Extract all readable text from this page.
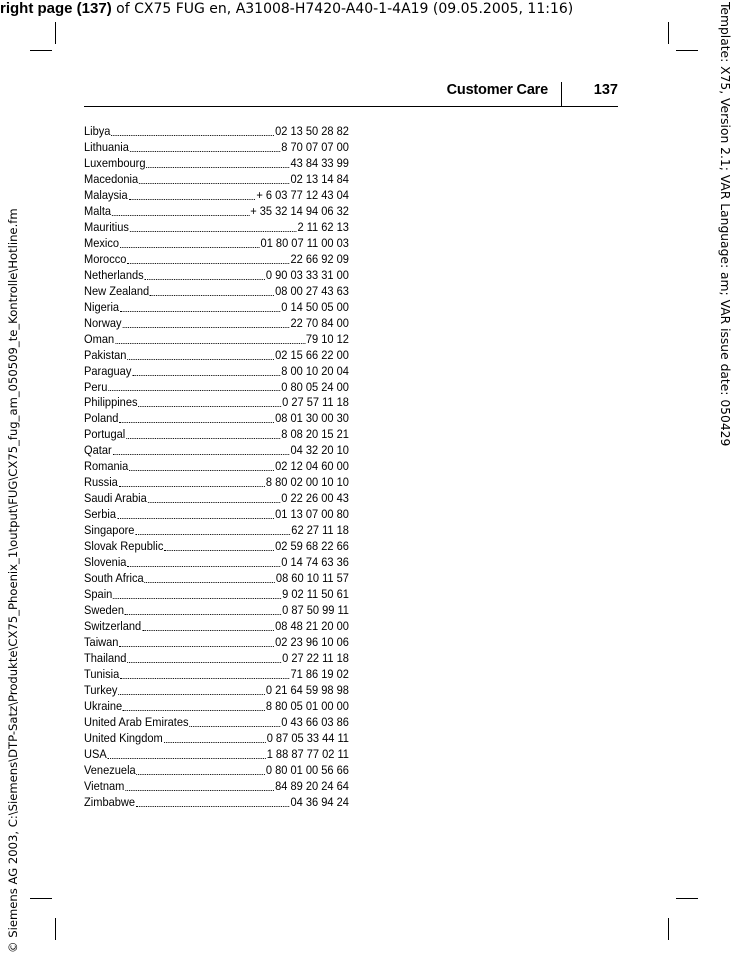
right page (137) of CX75 FUG en, A31008-H7420-A40-1-4A19 (09.05.2005, 11:16)	Template: X75, Version 2.1; VAR Language: am; VAR issue date: 050429
© Siemens AG 2003, C:\Siemens\DTP-Satz\Produkte\CX75_Phoenix_1\output\FUG\CX75_fug_am_050509_te_Kontrolle\Hotline.fm
Customer Care	137
Libya	02 13 50 28 82
Lithuania	8 70 07 07 00
Luxembourg	43 84 33 99
Macedonia	02 13 14 84
Malaysia	+ 6 03 77 12 43 04
Malta	+ 35 32 14 94 06 32
Mauritius	2 11 62 13
Mexico	01 80 07 11 00 03
Morocco	22 66 92 09
Netherlands	0 90 03 33 31 00
New Zealand	08 00 27 43 63
Nigeria	0 14 50 05 00
Norway	22 70 84 00
Oman	79 10 12
Pakistan	02 15 66 22 00
Paraguay	8 00 10 20 04
Peru	0 80 05 24 00
Philippines	0 27 57 11 18
Poland	08 01 30 00 30
Portugal	8 08 20 15 21
Qatar	04 32 20 10
Romania	02 12 04 60 00
Russia	8 80 02 00 10 10
Saudi Arabia	0 22 26 00 43
Serbia	01 13 07 00 80
Singapore	62 27 11 18
Slovak Republic	02 59 68 22 66
Slovenia	0 14 74 63 36
South Africa	08 60 10 11 57
Spain	9 02 11 50 61
Sweden	0 87 50 99 11
Switzerland	08 48 21 20 00
Taiwan	02 23 96 10 06
Thailand	0 27 22 11 18
Tunisia	71 86 19 02
Turkey	0 21 64 59 98 98
Ukraine	8 80 05 01 00 00
United Arab Emirates	0 43 66 03 86
United Kingdom	0 87 05 33 44 11
USA	1 88 87 77 02 11
Venezuela	0 80 01 00 56 66
Vietnam	84 89 20 24 64
Zimbabwe	04 36 94 24
